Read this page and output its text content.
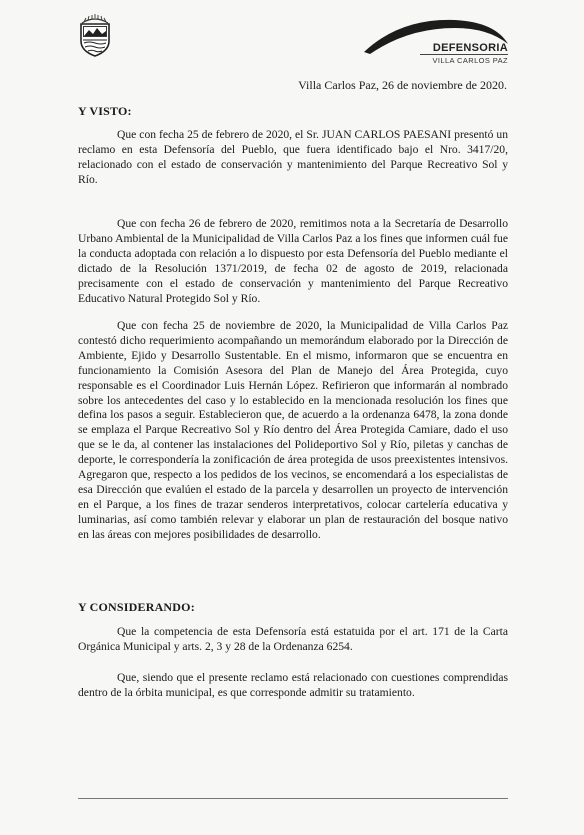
DEFENSORIA
VILLA CARLOS PAZ
Villa Carlos Paz, 26 de noviembre de 2020.
Y VISTO:

Que con fecha 25 de febrero de 2020, el Sr. JUAN CARLOS PAESANI presentó un reclamo en esta Defensoría del Pueblo, que fuera identificado bajo el Nro. 3417/20, relacionado con el estado de conservación y mantenimiento del Parque Recreativo Sol y Río.

Que con fecha 26 de febrero de 2020, remitimos nota a la Secretaría de Desarrollo Urbano Ambiental de la Municipalidad de Villa Carlos Paz a los fines que informen cuál fue la conducta adoptada con relación a lo dispuesto por esta Defensoría del Pueblo mediante el dictado de la Resolución 1371/2019, de fecha 02 de agosto de 2019, relacionada precisamente con el estado de conservación y mantenimiento del Parque Recreativo Educativo Natural Protegido Sol y Río.

Que con fecha 25 de noviembre de 2020, la Municipalidad de Villa Carlos Paz contestó dicho requerimiento acompañando un memorándum elaborado por la Dirección de Ambiente, Ejido y Desarrollo Sustentable. En el mismo, informaron que se encuentra en funcionamiento la Comisión Asesora del Plan de Manejo del Área Protegida, cuyo responsable es el Coordinador Luis Hernán López. Refirieron que informarán al nombrado sobre los antecedentes del caso y lo establecido en la mencionada resolución los fines que defina los pasos a seguir. Establecieron que, de acuerdo a la ordenanza 6478, la zona donde se emplaza el Parque Recreativo Sol y Río dentro del Área Protegida Camiare, dado el uso que se le da, al contener las instalaciones del Polideportivo Sol y Río, piletas y canchas de deporte, le correspondería la zonificación de área protegida de usos preexistentes intensivos. Agregaron que, respecto a los pedidos de los vecinos, se encomendará a los especialistas de esa Dirección que evalúen el estado de la parcela y desarrollen un proyecto de intervención en el Parque, a los fines de trazar senderos interpretativos, colocar cartelería educativa y luminarias, así como también relevar y elaborar un plan de restauración del bosque nativo en las áreas con mejores posibilidades de desarrollo.

Y CONSIDERANDO:

Que la competencia de esta Defensoría está estatuida por el art. 171 de la Carta Orgánica Municipal y arts. 2, 3 y 28 de la Ordenanza 6254.

Que, siendo que el presente reclamo está relacionado con cuestiones comprendidas dentro de la órbita municipal, es que corresponde admitir su tratamiento.
